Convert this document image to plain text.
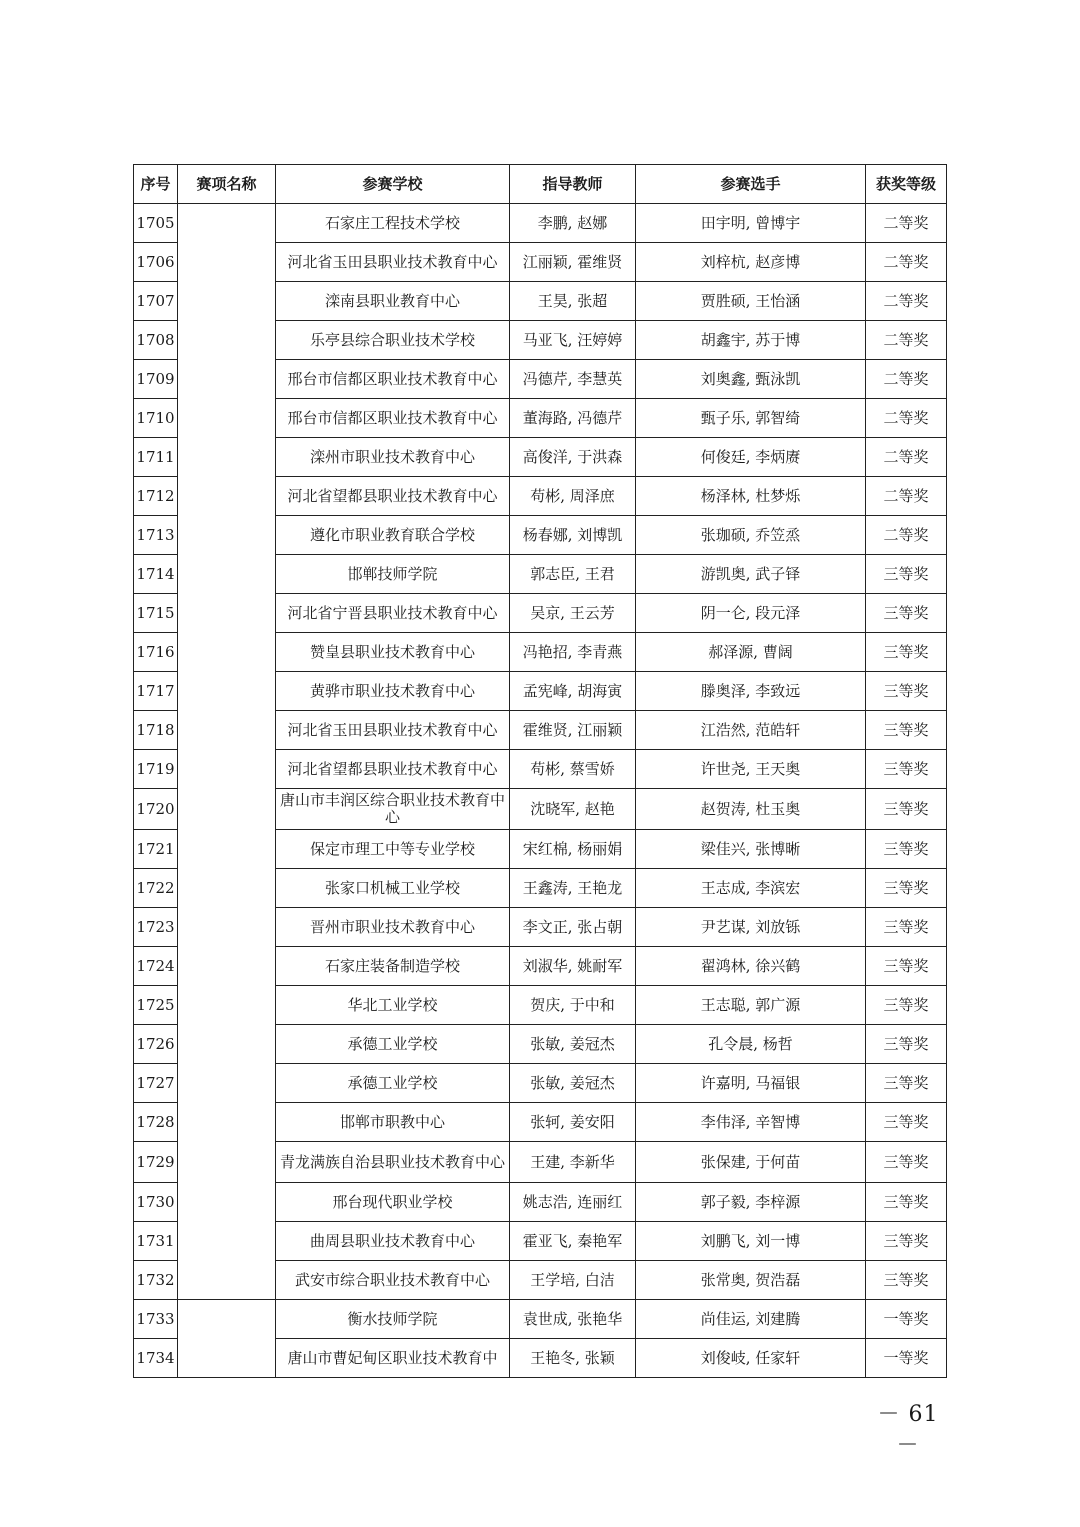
序号	赛项名称	参赛学校	指导教师	参赛选手	获奖等级
1705		石家庄工程技术学校	李鹏, 赵娜	田宇明, 曾博宇	二等奖
1706		河北省玉田县职业技术教育中心	江丽颖, 霍维贤	刘梓杭, 赵彦博	二等奖
1707		滦南县职业教育中心	王昊, 张超	贾胜硕, 王怡涵	二等奖
1708		乐亭县综合职业技术学校	马亚飞, 汪婷婷	胡鑫宇, 苏于博	二等奖
1709		邢台市信都区职业技术教育中心	冯德芹, 李慧英	刘奥鑫, 甄泳凯	二等奖
1710		邢台市信都区职业技术教育中心	董海路, 冯德芹	甄子乐, 郭智绮	二等奖
1711		滦州市职业技术教育中心	高俊洋, 于洪森	何俊廷, 李炳赓	二等奖
1712		河北省望都县职业技术教育中心	苟彬, 周泽庶	杨泽林, 杜梦烁	二等奖
1713		遵化市职业教育联合学校	杨春娜, 刘博凯	张珈硕, 乔笠烝	二等奖
1714		邯郸技师学院	郭志臣, 王君	游凯奥, 武子铎	三等奖
1715		河北省宁晋县职业技术教育中心	吴京, 王云芳	阴一仑, 段元泽	三等奖
1716		赞皇县职业技术教育中心	冯艳招, 李青燕	郝泽源, 曹阔	三等奖
1717		黄骅市职业技术教育中心	孟宪峰, 胡海寅	滕奥泽, 李致远	三等奖
1718		河北省玉田县职业技术教育中心	霍维贤, 江丽颖	江浩然, 范皓轩	三等奖
1719		河北省望都县职业技术教育中心	苟彬, 蔡雪娇	许世尧, 王天奥	三等奖
1720		唐山市丰润区综合职业技术教育中心	沈晓军, 赵艳	赵贺涛, 杜玉奥	三等奖
1721		保定市理工中等专业学校	宋红棉, 杨丽娟	梁佳兴, 张博晰	三等奖
1722		张家口机械工业学校	王鑫涛, 王艳龙	王志成, 李滨宏	三等奖
1723		晋州市职业技术教育中心	李文正, 张占朝	尹艺谋, 刘放铄	三等奖
1724		石家庄装备制造学校	刘淑华, 姚耐军	翟鸿林, 徐兴鹤	三等奖
1725		华北工业学校	贺庆, 于中和	王志聪, 郭广源	三等奖
1726		承德工业学校	张敏, 姜冠杰	孔令晨, 杨哲	三等奖
1727		承德工业学校	张敏, 姜冠杰	许嘉明, 马福银	三等奖
1728		邯郸市职教中心	张轲, 姜安阳	李伟泽, 辛智博	三等奖
1729		青龙满族自治县职业技术教育中心	王建, 李新华	张保建, 于何苗	三等奖
1730		邢台现代职业学校	姚志浩, 连丽红	郭子毅, 李梓源	三等奖
1731		曲周县职业技术教育中心	霍亚飞, 秦艳军	刘鹏飞, 刘一博	三等奖
1732		武安市综合职业技术教育中心	王学培, 白洁	张常奥, 贺浩磊	三等奖
1733		衡水技师学院	袁世成, 张艳华	尚佳运, 刘建腾	一等奖
1734		唐山市曹妃甸区职业技术教育中	王艳冬, 张颖	刘俊岐, 任家轩	一等奖
－ 61 －
